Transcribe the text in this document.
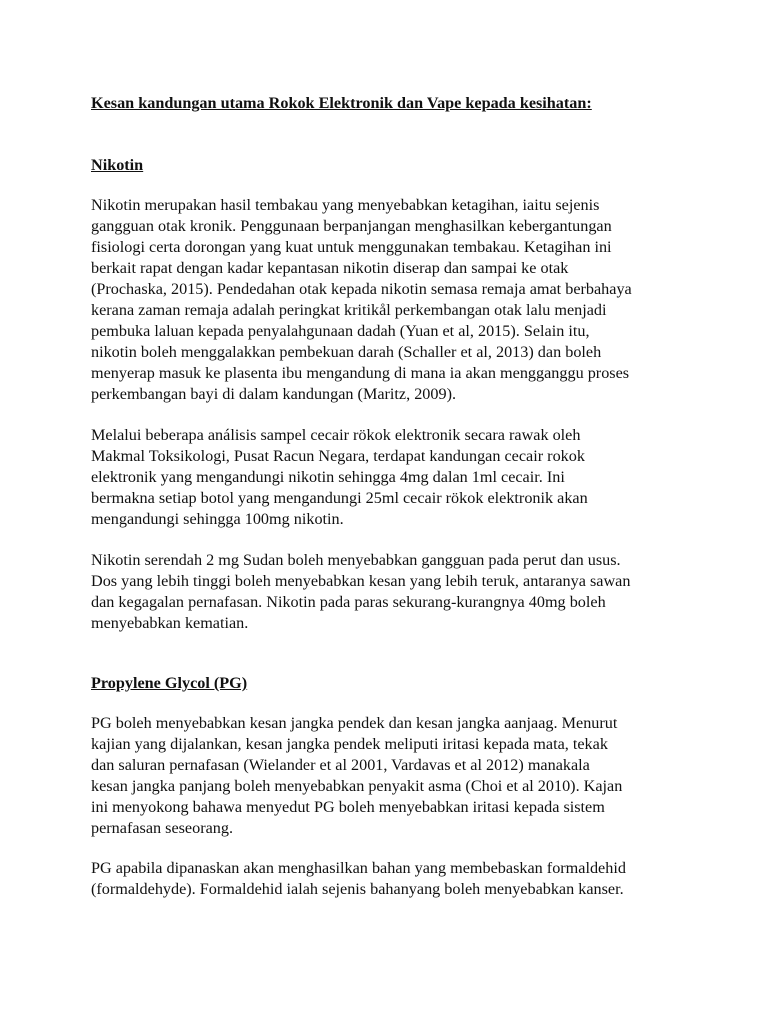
Kesan kandungan utama Rokok Elektronik dan Vape kepada kesihatan:
Nikotin
Nikotin merupakan hasil tembakau yang menyebabkan ketagihan, iaitu sejenis
gangguan otak kronik. Penggunaan berpanjangan menghasilkan kebergantungan
fisiologi certa dorongan yang kuat untuk menggunakan tembakau. Ketagihan ini
berkait rapat dengan kadar kepantasan nikotin diserap dan sampai ke otak
(Prochaska, 2015). Pendedahan otak kepada nikotin semasa remaja amat berbahaya
kerana zaman remaja adalah peringkat kritikål perkembangan otak lalu menjadi
pembuka laluan kepada penyalahgunaan dadah (Yuan et al, 2015). Selain itu,
nikotin boleh menggalakkan pembekuan darah (Schaller et al, 2013) dan boleh
menyerap masuk ke plasenta ibu mengandung di mana ia akan mengganggu proses
perkembangan bayi di dalam kandungan (Maritz, 2009).
Melalui beberapa análisis sampel cecair rökok elektronik secara rawak oleh
Makmal Toksikologi, Pusat Racun Negara, terdapat kandungan cecair rokok
elektronik yang mengandungi nikotin sehingga 4mg dalan 1ml cecair. Ini
bermakna setiap botol yang mengandungi 25ml cecair rökok elektronik akan
mengandungi sehingga 100mg nikotin.
Nikotin serendah 2 mg Sudan boleh menyebabkan gangguan pada perut dan usus.
Dos yang lebih tinggi boleh menyebabkan kesan yang lebih teruk, antaranya sawan
dan kegagalan pernafasan. Nikotin pada paras sekurang-kurangnya 40mg boleh
menyebabkan kematian.
Propylene Glycol (PG)
PG boleh menyebabkan kesan jangka pendek dan kesan jangka aanjaag. Menurut
kajian yang dijalankan, kesan jangka pendek meliputi iritasi kepada mata, tekak
dan saluran pernafasan (Wielander et al 2001, Vardavas et al 2012) manakala
kesan jangka panjang boleh menyebabkan penyakit asma (Choi et al 2010). Kajan
ini menyokong bahawa menyedut PG boleh menyebabkan iritasi kepada sistem
pernafasan seseorang.
PG apabila dipanaskan akan menghasilkan bahan yang membebaskan formaldehid
(formaldehyde). Formaldehid ialah sejenis bahanyang boleh menyebabkan kanser.
